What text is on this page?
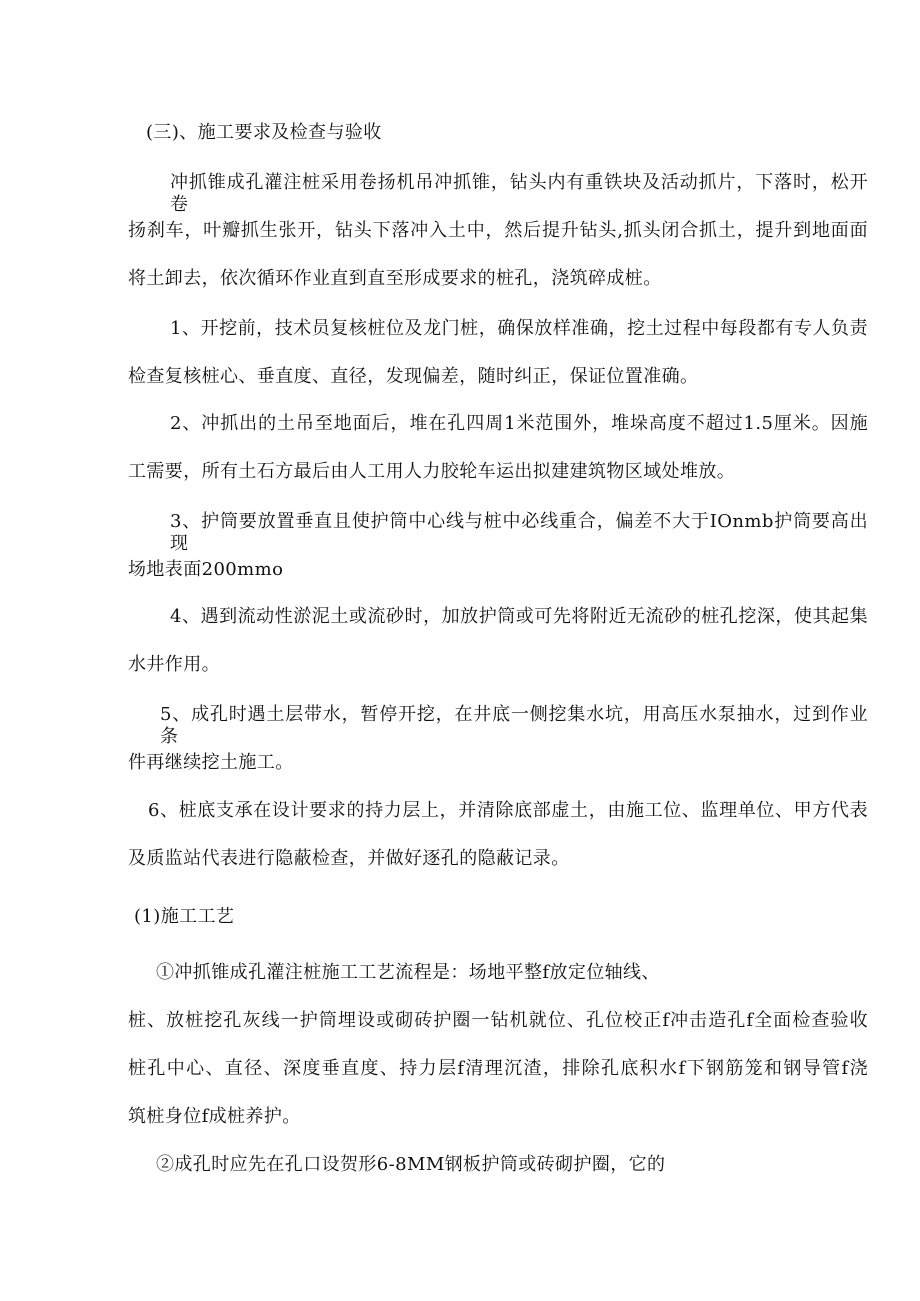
(三)、施工要求及检查与验收
冲抓锥成孔灌注桩采用卷扬机吊冲抓锥，钻头内有重铁块及活动抓片，下落时，松开卷
扬刹车，叶瓣抓生张开，钻头下落冲入土中，然后提升钻头,抓头闭合抓土，提升到地面面
将土卸去，依次循环作业直到直至形成要求的桩孔，浇筑碎成桩。
1、开挖前，技术员复核桩位及龙门桩，确保放样准确，挖土过程中每段都有专人负责
检查复核桩心、垂直度、直径，发现偏差，随时纠正，保证位置准确。
2、冲抓出的土吊至地面后，堆在孔四周1米范围外，堆垛高度不超过1.5厘米。因施
工需要，所有土石方最后由人工用人力胶轮车运出拟建建筑物区域处堆放。
3、护筒要放置垂直且使护筒中心线与桩中必线重合，偏差不大于IOnmb护筒要高出现
场地表面200mmo
4、遇到流动性淤泥土或流砂时，加放护筒或可先将附近无流砂的桩孔挖深，使其起集
水井作用。
5、成孔时遇土层带水，暂停开挖，在井底一侧挖集水坑，用高压水泵抽水，过到作业条
件再继续挖土施工。
6、桩底支承在设计要求的持力层上，并清除底部虚土，由施工位、监理单位、甲方代表
及质监站代表进行隐蔽检查，并做好逐孔的隐蔽记录。
(1)施工工艺
①冲抓锥成孔灌注桩施工工艺流程是：场地平整f放定位轴线、
桩、放桩挖孔灰线一护筒埋设或砌砖护圈一钻机就位、孔位校正f冲击造孔f全面检查验收
桩孔中心、直径、深度垂直度、持力层f清理沉渣，排除孔底积水f下钢筋笼和钢导管f浇
筑桩身位f成桩养护。
②成孔时应先在孔口设贺形6-8MM钢板护筒或砖砌护圈，它的
